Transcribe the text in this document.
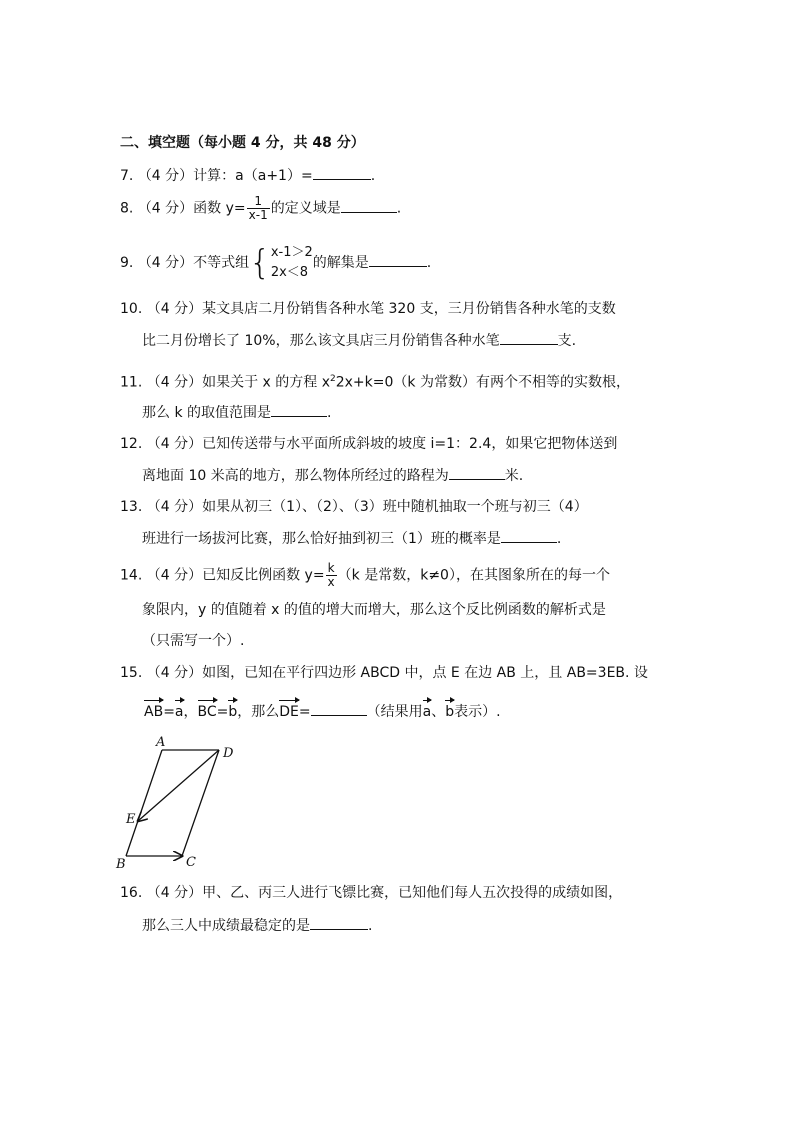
二、填空题（每小题 4 分，共 48 分）
7. （4 分）计算：a（a+1）=	.
8. （4 分）函数 $y= \frac{1}{x-1}$ 的定义域是	.
9. （4 分）不等式组{ x-1＞2
2x＜8
的解集是	.
10. （4 分）某文具店二月份销售各种水笔 320 支，三月份销售各种水笔的支数
比二月份增长了 10%，那么该文具店三月份销售各种水笔	支.
11. （4 分）如果关于 x 的方程 $x^22x+k=0(k$ 为常数）有两个不相等的实数根，
那么 k 的取值范围是	.
12. （4 分）已知传送带与水平面所成斜坡的坡度 i=1：2.4，如果它把物体送到
离地面 10 米高的地方，那么物体所经过的路程为	米.
13. （4 分）如果从初三（1）、（2）、（3）班中随机抽取一个班与初三（4）
班进行一场拔河比赛，那么恰好抽到初三（1）班的概率是	.
14. （4 分）已知反比例函数 $y= \frac{k}{x} (k$ 是常数，k≠0），在其图象所在的每一个
象限内，y 的值随着 x 的值的增大而增大，那么这个反比例函数的解析式是
（只需写一个）.
15. （4 分）如图，已知在平行四边形 ABCD 中，点 E 在边 AB 上，且 AB=3EB. 设
AB=a，BC=b，那么DE=	（结果用a、b表示）.
A
D
E
B	C
16. （4 分）甲、乙、丙三人进行飞镖比赛，已知他们每人五次投得的成绩如图，
那么三人中成绩最稳定的是	.
